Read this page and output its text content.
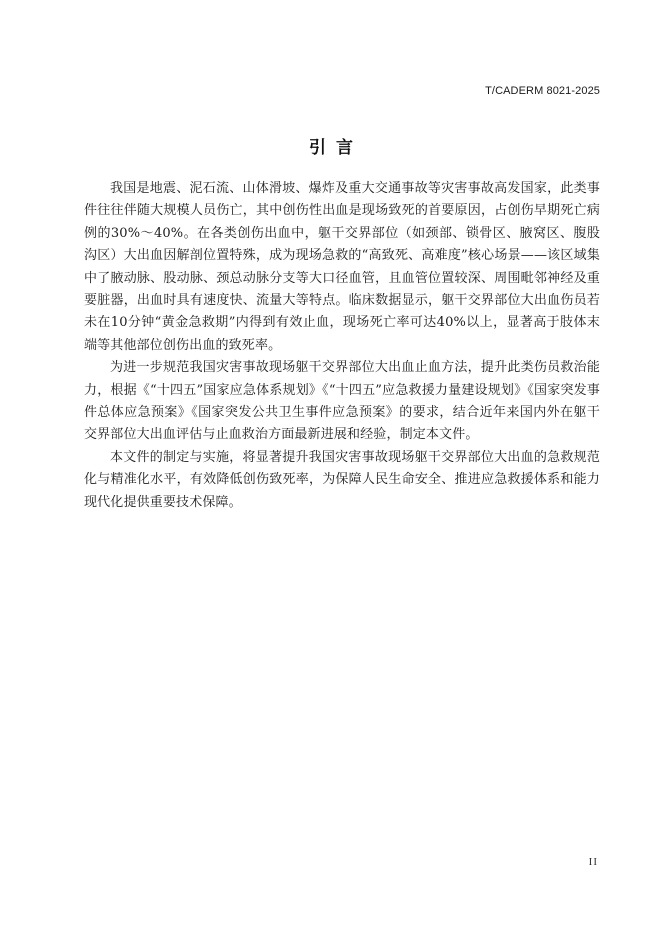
T/CADERM 8021-2025
引言

我国是地震、泥石流、山体滑坡、爆炸及重大交通事故等灾害事故高发国家，此类事件往往伴随大规模人员伤亡，其中创伤性出血是现场致死的首要原因，占创伤早期死亡病例的30%～40%。在各类创伤出血中，躯干交界部位（如颈部、锁骨区、腋窝区、腹股沟区）大出血因解剖位置特殊，成为现场急救的“高致死、高难度”核心场景——该区域集中了腋动脉、股动脉、颈总动脉分支等大口径血管，且血管位置较深、周围毗邻神经及重要脏器，出血时具有速度快、流量大等特点。临床数据显示，躯干交界部位大出血伤员若未在10分钟“黄金急救期”内得到有效止血，现场死亡率可达40%以上，显著高于肢体末端等其他部位创伤出血的致死率。

为进一步规范我国灾害事故现场躯干交界部位大出血止血方法，提升此类伤员救治能力，根据《“十四五”国家应急体系规划》《“十四五”应急救援力量建设规划》《国家突发事件总体应急预案》《国家突发公共卫生事件应急预案》的要求，结合近年来国内外在躯干交界部位大出血评估与止血救治方面最新进展和经验，制定本文件。

本文件的制定与实施，将显著提升我国灾害事故现场躯干交界部位大出血的急救规范化与精准化水平，有效降低创伤致死率，为保障人民生命安全、推进应急救援体系和能力现代化提供重要技术保障。

II
